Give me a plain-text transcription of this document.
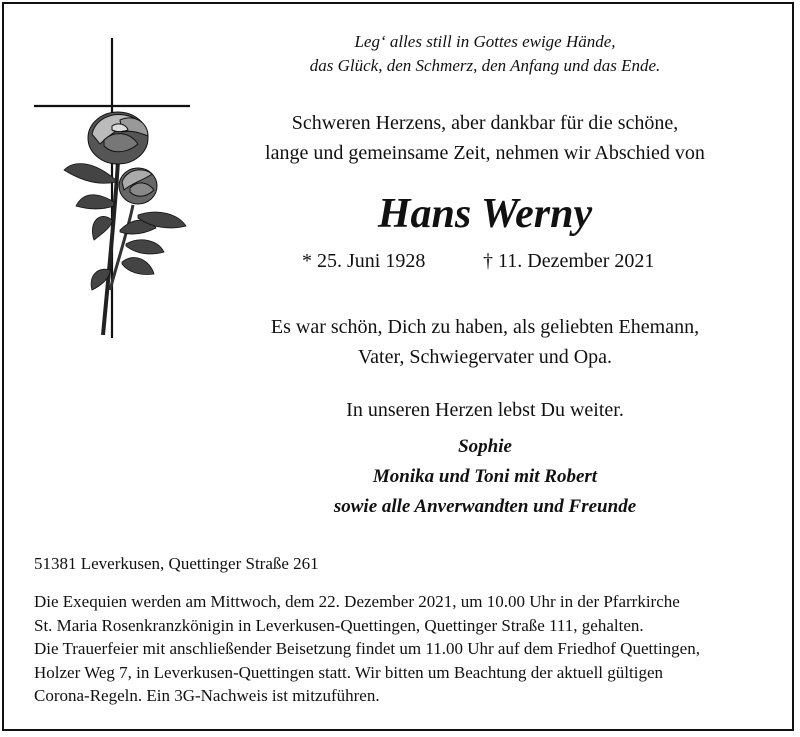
Leg‘ alles still in Gottes ewige Hände,
das Glück, den Schmerz, den Anfang und das Ende.
Schweren Herzens, aber dankbar für die schöne,
lange und gemeinsame Zeit, nehmen wir Abschied von
Hans Werny
* 25. Juni 1928	† 11. Dezember 2021
Es war schön, Dich zu haben, als geliebten Ehemann,
Vater, Schwiegervater und Opa.
In unseren Herzen lebst Du weiter.
Sophie
Monika und Toni mit Robert
sowie alle Anverwandten und Freunde
51381 Leverkusen, Quettinger Straße 261
Die Exequien werden am Mittwoch, dem 22. Dezember 2021, um 10.00 Uhr in der Pfarrkirche
St. Maria Rosenkranzkönigin in Leverkusen-Quettingen, Quettinger Straße 111, gehalten.
Die Trauerfeier mit anschließender Beisetzung findet um 11.00 Uhr auf dem Friedhof Quettingen,
Holzer Weg 7, in Leverkusen-Quettingen statt. Wir bitten um Beachtung der aktuell gültigen
Corona-Regeln. Ein 3G-Nachweis ist mitzuführen.
